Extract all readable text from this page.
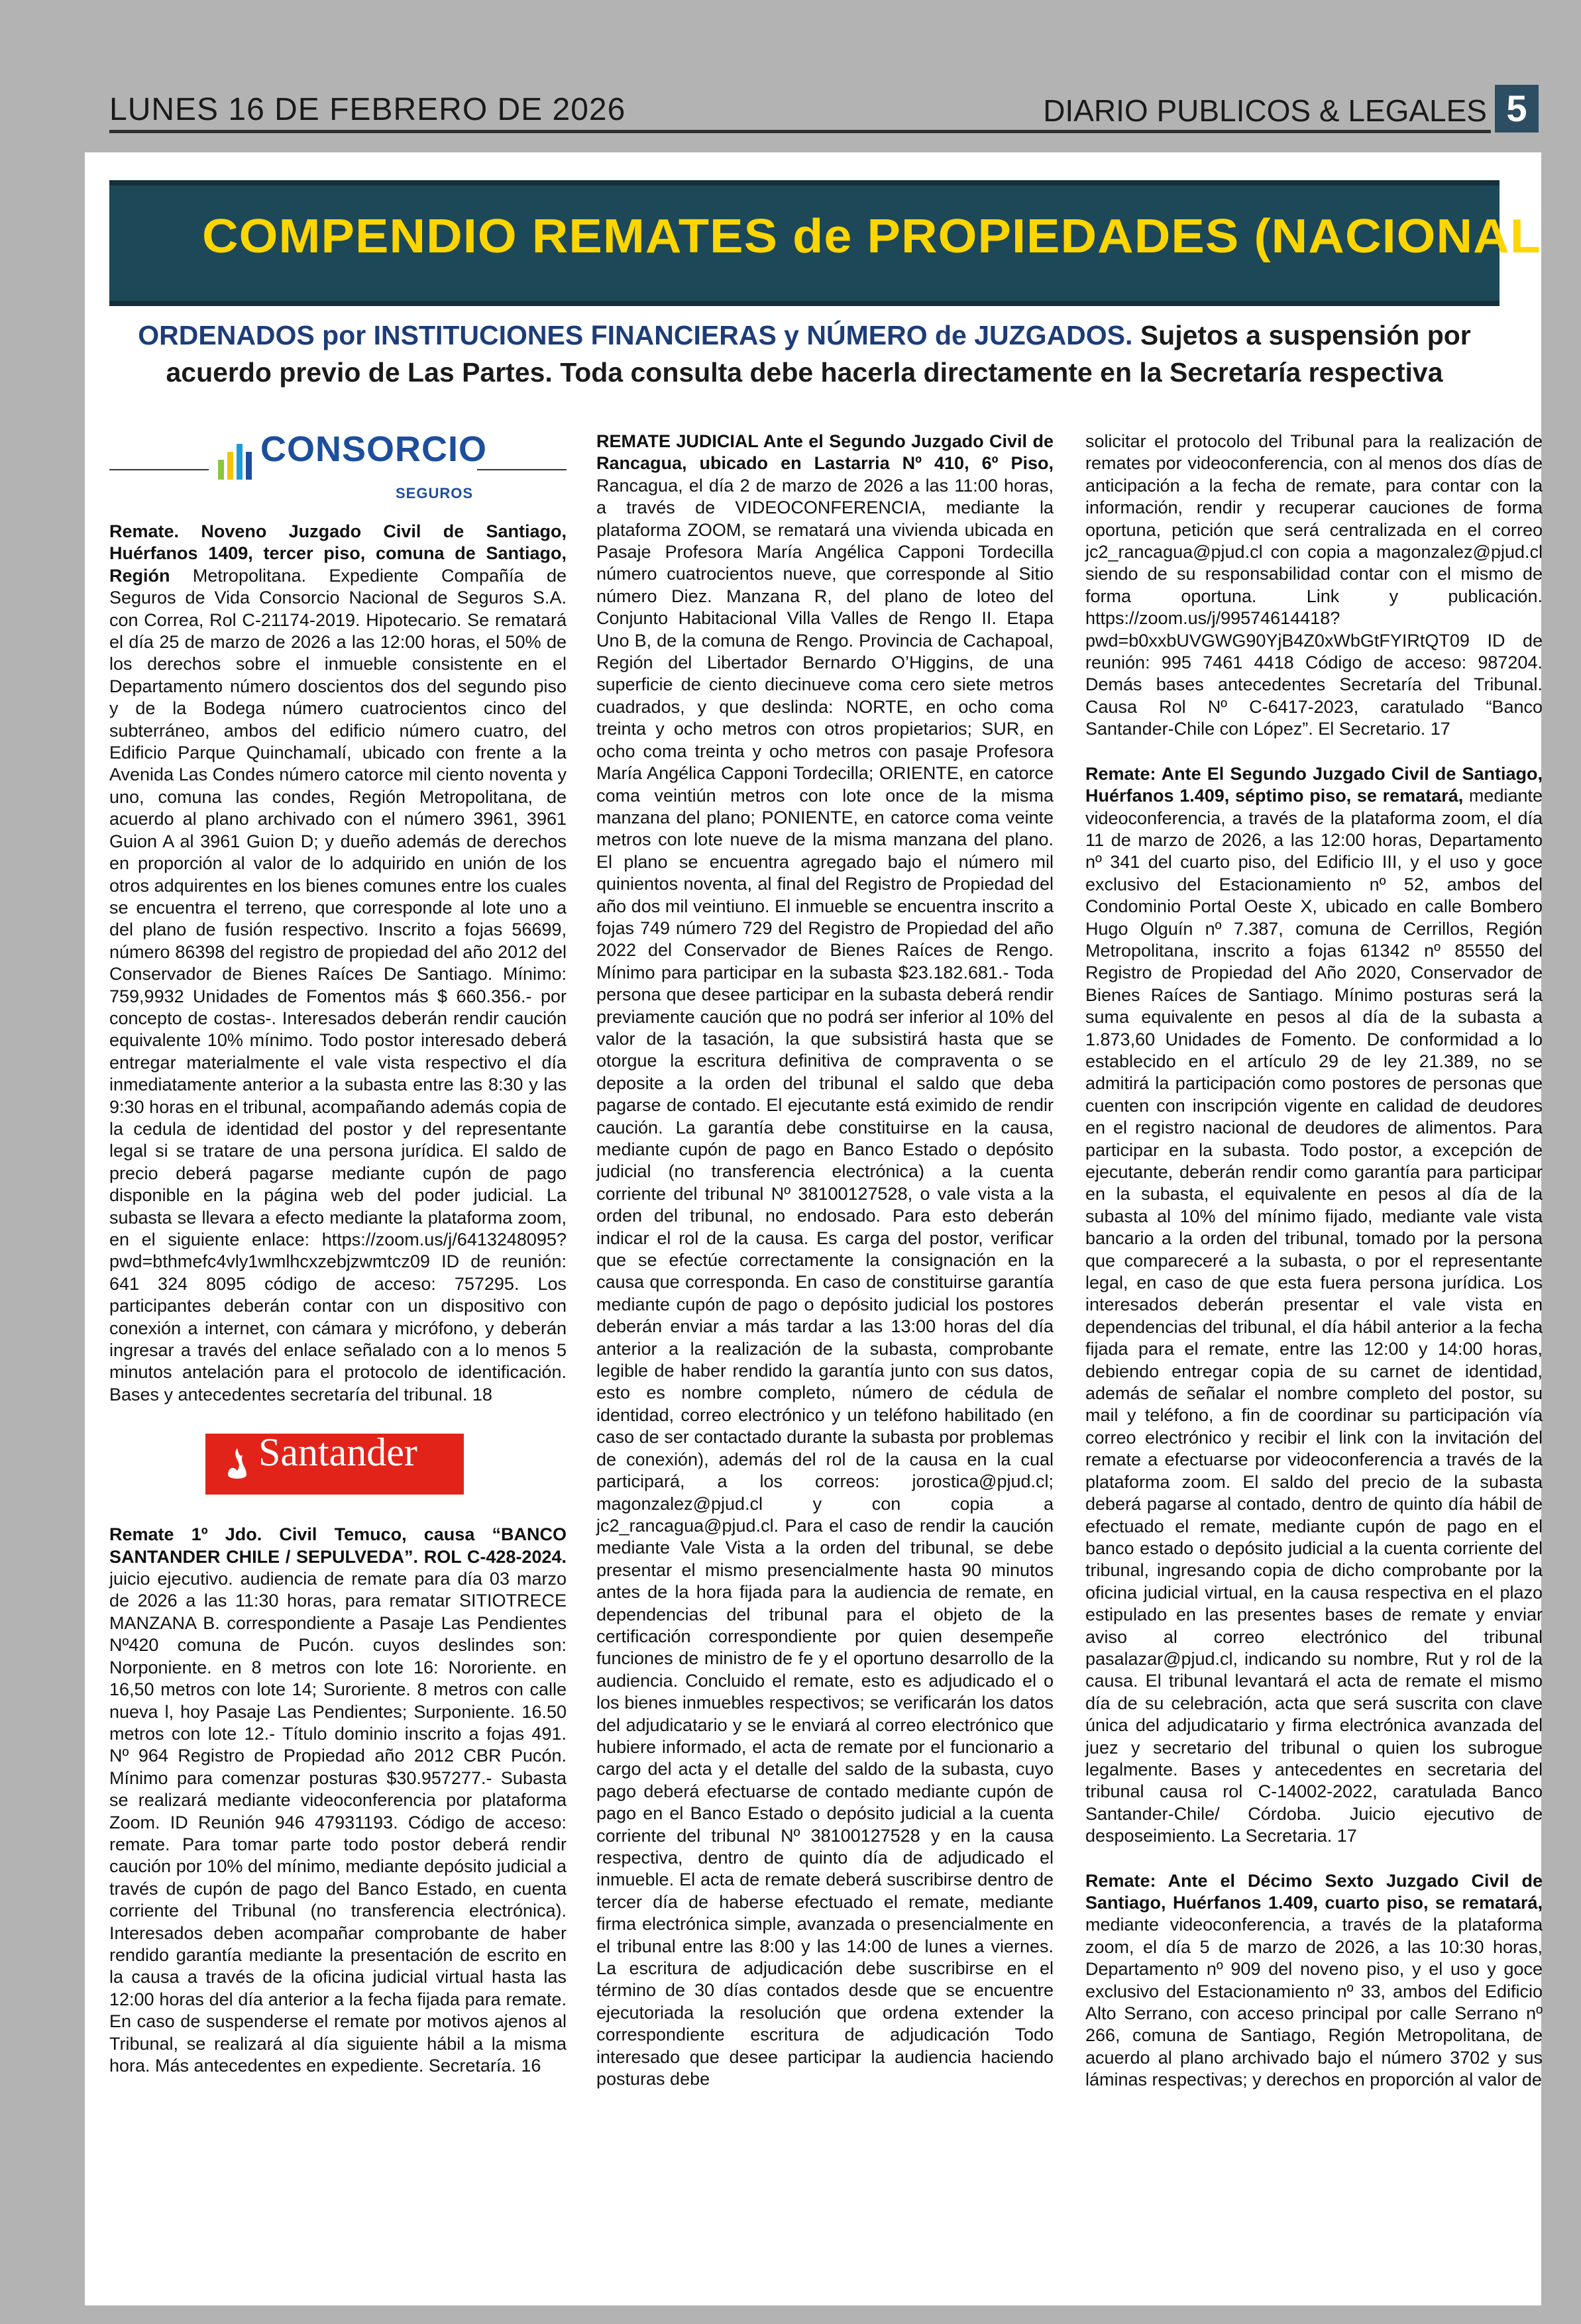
LUNES 16 DE FEBRERO DE 2026	DIARIO PUBLICOS & LEGALES 5
COMPENDIO REMATES de PROPIEDADES (NACIONAL
ORDENADOS por INSTITUCIONES FINANCIERAS y NÚMERO de JUZGADOS. Sujetos a suspensión por acuerdo previo de Las Partes. Toda consulta debe hacerla directamente en la Secretaría respectiva
CONSORCIO
SEGUROS

Remate. Noveno Juzgado Civil de Santiago, Huérfanos 1409, tercer piso, comuna de Santiago, Región Metropolitana. Expediente Compañía de Seguros de Vida Consorcio Nacional de Seguros S.A. con Correa, Rol C-21174-2019. Hipotecario. Se rematará el día 25 de marzo de 2026 a las 12:00 horas, el 50% de los derechos sobre el inmueble consistente en el Departamento número doscientos dos del segundo piso y de la Bodega número cuatrocientos cinco del subterráneo, ambos del edificio número cuatro, del Edificio Parque Quinchamalí, ubicado con frente a la Avenida Las Condes número catorce mil ciento noventa y uno, comuna las condes, Región Metropolitana, de acuerdo al plano archivado con el número 3961, 3961 Guion A al 3961 Guion D; y dueño además de derechos en proporción al valor de lo adquirido en unión de los otros adquirentes en los bienes comunes entre los cuales se encuentra el terreno, que corresponde al lote uno a del plano de fusión respectivo. Inscrito a fojas 56699, número 86398 del registro de propiedad del año 2012 del Conservador de Bienes Raíces De Santiago. Mínimo: 759,9932 Unidades de Fomentos más $ 660.356.- por concepto de costas-. Interesados deberán rendir caución equivalente 10% mínimo. Todo postor interesado deberá entregar materialmente el vale vista respectivo el día inmediatamente anterior a la subasta entre las 8:30 y las 9:30 horas en el tribunal, acompañando además copia de la cedula de identidad del postor y del representante legal si se tratare de una persona jurídica. El saldo de precio deberá pagarse mediante cupón de pago disponible en la página web del poder judicial. La subasta se llevara a efecto mediante la plataforma zoom, en el siguiente enlace: https://zoom.us/j/6413248095?pwd=bthmefc4vly1wmlhcxzebjzwmtcz09 ID de reunión: 641 324 8095 código de acceso: 757295. Los participantes deberán contar con un dispositivo con conexión a internet, con cámara y micrófono, y deberán ingresar a través del enlace señalado con a lo menos 5 minutos antelación para el protocolo de identificación. Bases y antecedentes secretaría del tribunal. 18

Santander

Remate 1º Jdo. Civil Temuco, causa “BANCO SANTANDER CHILE / SEPULVEDA”. ROL C-428-2024. juicio ejecutivo. audiencia de remate para día 03 marzo de 2026 a las 11:30 horas, para rematar SITIOTRECE MANZANA B. correspondiente a Pasaje Las Pendientes Nº420 comuna de Pucón. cuyos deslindes son: Norponiente. en 8 metros con lote 16: Nororiente. en 16,50 metros con lote 14; Suroriente. 8 metros con calle nueva l, hoy Pasaje Las Pendientes; Surponiente. 16.50 metros con lote 12.- Título dominio inscrito a fojas 491. Nº 964 Registro de Propiedad año 2012 CBR Pucón. Mínimo para comenzar posturas $30.957277.- Subasta se realizará mediante videoconferencia por plataforma Zoom. ID Reunión 946 47931193. Código de acceso: remate. Para tomar parte todo postor deberá rendir caución por 10% del mínimo, mediante depósito judicial a través de cupón de pago del Banco Estado, en cuenta corriente del Tribunal (no transferencia electrónica). Interesados deben acompañar comprobante de haber rendido garantía mediante la presentación de escrito en la causa a través de la oficina judicial virtual hasta las 12:00 horas del día anterior a la fecha fijada para remate. En caso de suspenderse el remate por motivos ajenos al Tribunal, se realizará al día siguiente hábil a la misma hora. Más antecedentes en expediente. Secretaría. 16

REMATE JUDICIAL Ante el Segundo Juzgado Civil de Rancagua, ubicado en Lastarria Nº 410, 6º Piso, Rancagua, el día 2 de marzo de 2026 a las 11:00 horas, a través de VIDEOCONFERENCIA, mediante la plataforma ZOOM, se rematará una vivienda ubicada en Pasaje Profesora María Angélica Capponi Tordecilla número cuatrocientos nueve, que corresponde al Sitio número Diez. Manzana R, del plano de loteo del Conjunto Habitacional Villa Valles de Rengo II. Etapa Uno B, de la comuna de Rengo. Provincia de Cachapoal, Región del Libertador Bernardo O’Higgins, de una superficie de ciento diecinueve coma cero siete metros cuadrados, y que deslinda: NORTE, en ocho coma treinta y ocho metros con otros propietarios; SUR, en ocho coma treinta y ocho metros con pasaje Profesora María Angélica Capponi Tordecilla; ORIENTE, en catorce coma veintiún metros con lote once de la misma manzana del plano; PONIENTE, en catorce coma veinte metros con lote nueve de la misma manzana del plano. El plano se encuentra agregado bajo el número mil quinientos noventa, al final del Registro de Propiedad del año dos mil veintiuno. El inmueble se encuentra inscrito a fojas 749 número 729 del Registro de Propiedad del año 2022 del Conservador de Bienes Raíces de Rengo. Mínimo para participar en la subasta $23.182.681.- Toda persona que desee participar en la subasta deberá rendir previamente caución que no podrá ser inferior al 10% del valor de la tasación, la que subsistirá hasta que se otorgue la escritura definitiva de compraventa o se deposite a la orden del tribunal el saldo que deba pagarse de contado. El ejecutante está eximido de rendir caución. La garantía debe constituirse en la causa, mediante cupón de pago en Banco Estado o depósito judicial (no transferencia electrónica) a la cuenta corriente del tribunal Nº 38100127528, o vale vista a la orden del tribunal, no endosado. Para esto deberán indicar el rol de la causa. Es carga del postor, verificar que se efectúe correctamente la consignación en la causa que corresponda. En caso de constituirse garantía mediante cupón de pago o depósito judicial los postores deberán enviar a más tardar a las 13:00 horas del día anterior a la realización de la subasta, comprobante legible de haber rendido la garantía junto con sus datos, esto es nombre completo, número de cédula de identidad, correo electrónico y un teléfono habilitado (en caso de ser contactado durante la subasta por problemas de conexión), además del rol de la causa en la cual participará, a los correos: jorostica@pjud.cl; magonzalez@pjud.cl y con copia a jc2_rancagua@pjud.cl. Para el caso de rendir la caución mediante Vale Vista a la orden del tribunal, se debe presentar el mismo presencialmente hasta 90 minutos antes de la hora fijada para la audiencia de remate, en dependencias del tribunal para el objeto de la certificación correspondiente por quien desempeñe funciones de ministro de fe y el oportuno desarrollo de la audiencia. Concluido el remate, esto es adjudicado el o los bienes inmuebles respectivos; se verificarán los datos del adjudicatario y se le enviará al correo electrónico que hubiere informado, el acta de remate por el funcionario a cargo del acta y el detalle del saldo de la subasta, cuyo pago deberá efectuarse de contado mediante cupón de pago en el Banco Estado o depósito judicial a la cuenta corriente del tribunal Nº 38100127528 y en la causa respectiva, dentro de quinto día de adjudicado el inmueble. El acta de remate deberá suscribirse dentro de tercer día de haberse efectuado el remate, mediante firma electrónica simple, avanzada o presencialmente en el tribunal entre las 8:00 y las 14:00 de lunes a viernes. La escritura de adjudicación debe suscribirse en el término de 30 días contados desde que se encuentre ejecutoriada la resolución que ordena extender la correspondiente escritura de adjudicación Todo interesado que desee participar la audiencia haciendo posturas debe

solicitar el protocolo del Tribunal para la realización de remates por videoconferencia, con al menos dos días de anticipación a la fecha de remate, para contar con la información, rendir y recuperar cauciones de forma oportuna, petición que será centralizada en el correo jc2_rancagua@pjud.cl con copia a magonzalez@pjud.cl siendo de su responsabilidad contar con el mismo de forma oportuna. Link y publicación. https://zoom.us/j/99574614418?pwd=b0xxbUVGWG90YjB4Z0xWbGtFYIRtQT09 ID de reunión: 995 7461 4418 Código de acceso: 987204. Demás bases antecedentes Secretaría del Tribunal. Causa Rol Nº C-6417-2023, caratulado “Banco Santander-Chile con López”. El Secretario. 17

Remate: Ante El Segundo Juzgado Civil de Santiago, Huérfanos 1.409, séptimo piso, se rematará, mediante videoconferencia, a través de la plataforma zoom, el día 11 de marzo de 2026, a las 12:00 horas, Departamento nº 341 del cuarto piso, del Edificio III, y el uso y goce exclusivo del Estacionamiento nº 52, ambos del Condominio Portal Oeste X, ubicado en calle Bombero Hugo Olguín nº 7.387, comuna de Cerrillos, Región Metropolitana, inscrito a fojas 61342 nº 85550 del Registro de Propiedad del Año 2020, Conservador de Bienes Raíces de Santiago. Mínimo posturas será la suma equivalente en pesos al día de la subasta a 1.873,60 Unidades de Fomento. De conformidad a lo establecido en el artículo 29 de ley 21.389, no se admitirá la participación como postores de personas que cuenten con inscripción vigente en calidad de deudores en el registro nacional de deudores de alimentos. Para participar en la subasta. Todo postor, a excepción de ejecutante, deberán rendir como garantía para participar en la subasta, el equivalente en pesos al día de la subasta al 10% del mínimo fijado, mediante vale vista bancario a la orden del tribunal, tomado por la persona que compareceré a la subasta, o por el representante legal, en caso de que esta fuera persona jurídica. Los interesados deberán presentar el vale vista en dependencias del tribunal, el día hábil anterior a la fecha fijada para el remate, entre las 12:00 y 14:00 horas, debiendo entregar copia de su carnet de identidad, además de señalar el nombre completo del postor, su mail y teléfono, a fin de coordinar su participación vía correo electrónico y recibir el link con la invitación del remate a efectuarse por videoconferencia a través de la plataforma zoom. El saldo del precio de la subasta deberá pagarse al contado, dentro de quinto día hábil de efectuado el remate, mediante cupón de pago en el banco estado o depósito judicial a la cuenta corriente del tribunal, ingresando copia de dicho comprobante por la oficina judicial virtual, en la causa respectiva en el plazo estipulado en las presentes bases de remate y enviar aviso al correo electrónico del tribunal pasalazar@pjud.cl, indicando su nombre, Rut y rol de la causa. El tribunal levantará el acta de remate el mismo día de su celebración, acta que será suscrita con clave única del adjudicatario y firma electrónica avanzada del juez y secretario del tribunal o quien los subrogue legalmente. Bases y antecedentes en secretaria del tribunal causa rol C-14002-2022, caratulada Banco Santander-Chile/ Córdoba. Juicio ejecutivo de desposeimiento. La Secretaria. 17

Remate: Ante el Décimo Sexto Juzgado Civil de Santiago, Huérfanos 1.409, cuarto piso, se rematará, mediante videoconferencia, a través de la plataforma zoom, el día 5 de marzo de 2026, a las 10:30 horas, Departamento nº 909 del noveno piso, y el uso y goce exclusivo del Estacionamiento nº 33, ambos del Edificio Alto Serrano, con acceso principal por calle Serrano nº 266, comuna de Santiago, Región Metropolitana, de acuerdo al plano archivado bajo el número 3702 y sus láminas respectivas; y derechos en proporción al valor de
